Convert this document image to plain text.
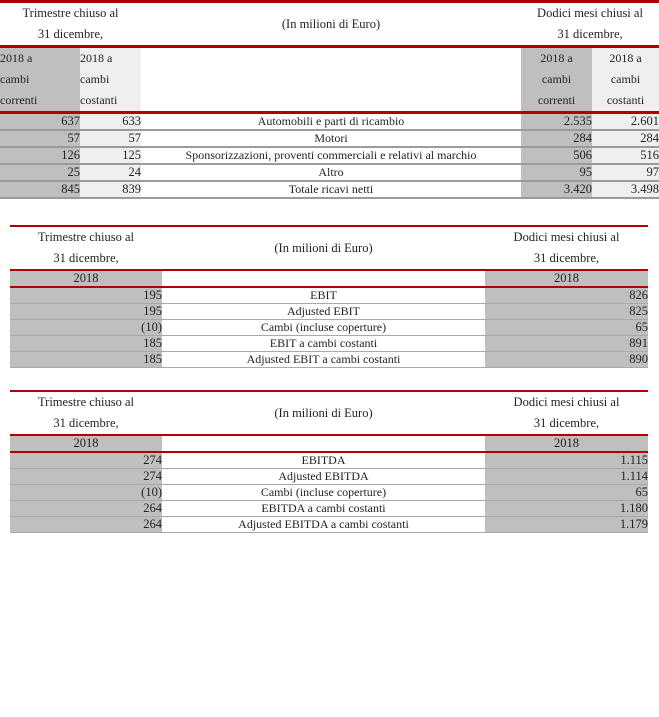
Trimestre chiuso al
31 dicembre,		(In milioni di Euro)	Dodici mesi chiusi al
31 dicembre,	

2018 a
cambi
correnti	2018 a
cambi
costanti		2018 a
cambi
correnti	2018 a
cambi
costanti

637	633	Automobili e parti di ricambio	2.535	2.601

57	57	Motori	284	284

126	125	Sponsorizzazioni, proventi commerciali e relativi al marchio	506	516

25	24	Altro	95	97

845	839	Totale ricavi netti	3.420	3.498

	Trimestre chiuso al
31 dicembre,	(In milioni di Euro)	Dodici mesi chiusi al
31 dicembre,	

	2018		2018	

	195	EBIT	826	

	195	Adjusted EBIT	825	

	(10)	Cambi (incluse coperture)	65	

	185	EBIT a cambi costanti	891	

	185	Adjusted EBIT a cambi costanti	890	

	Trimestre chiuso al
31 dicembre,	(In milioni di Euro)	Dodici mesi chiusi al
31 dicembre,	

	2018		2018	

	274	EBITDA	1.115	

	274	Adjusted EBITDA	1.114	

	(10)	Cambi (incluse coperture)	65	

	264	EBITDA a cambi costanti	1.180	

	264	Adjusted EBITDA a cambi costanti	1.179	
